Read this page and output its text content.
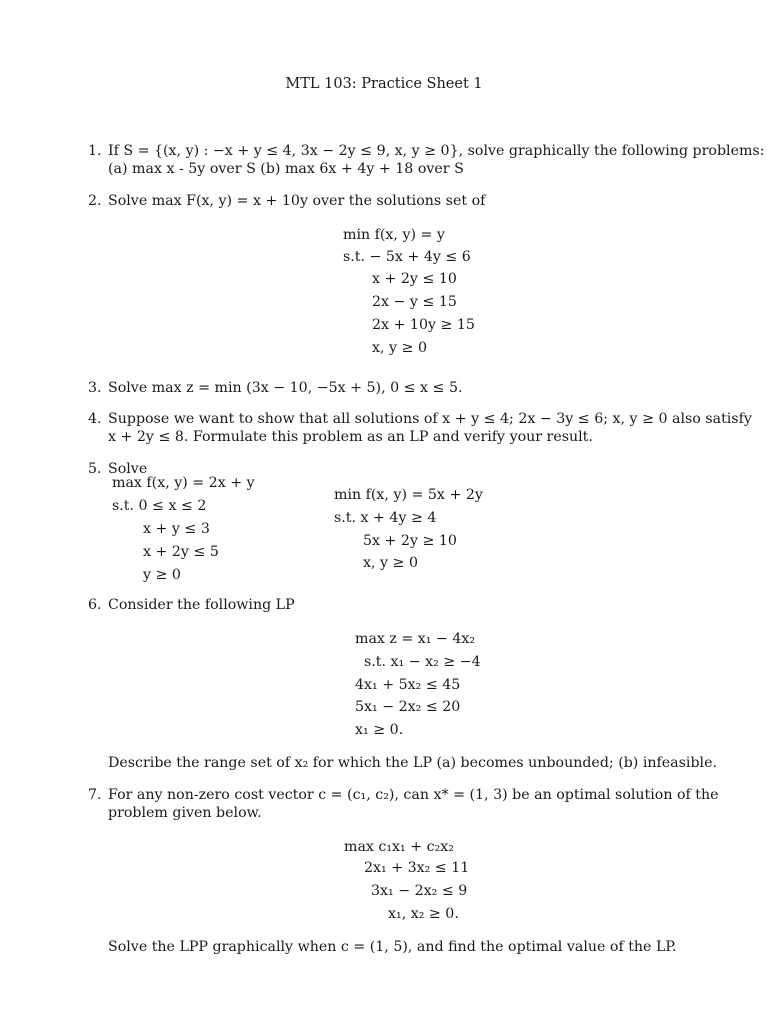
MTL 103: Practice Sheet 1
1. If S = {(x, y) : −x + y ≤ 4, 3x − 2y ≤ 9, x, y ≥ 0}, solve graphically the following problems:
(a) max x - 5y over S (b) max 6x + 4y + 18 over S
2. Solve max F(x, y) = x + 10y over the solutions set of
min f(x, y) = y
s.t. − 5x + 4y ≤ 6
x + 2y ≤ 10
2x − y ≤ 15
2x + 10y ≥ 15
x, y ≥ 0
3. Solve max z = min (3x − 10, −5x + 5), 0 ≤ x ≤ 5.
4. Suppose we want to show that all solutions of x + y ≤ 4; 2x − 3y ≤ 6; x, y ≥ 0 also satisfy
x + 2y ≤ 8. Formulate this problem as an LP and verify your result.
5. Solve
max f(x, y) = 2x + y
s.t. 0 ≤ x ≤ 2
x + y ≤ 3
x + 2y ≤ 5
y ≥ 0
min f(x, y) = 5x + 2y
s.t. x + 4y ≥ 4
5x + 2y ≥ 10
x, y ≥ 0
6. Consider the following LP
max z = x₁ − 4x₂
s.t. x₁ − x₂ ≥ −4
4x₁ + 5x₂ ≤ 45
5x₁ − 2x₂ ≤ 20
x₁ ≥ 0.
Describe the range set of x₂ for which the LP (a) becomes unbounded; (b) infeasible.
7. For any non-zero cost vector c = (c₁, c₂), can x* = (1, 3) be an optimal solution of the
problem given below.
max c₁x₁ + c₂x₂
2x₁ + 3x₂ ≤ 11
3x₁ − 2x₂ ≤ 9
x₁, x₂ ≥ 0.
Solve the LPP graphically when c = (1, 5), and find the optimal value of the LP.
